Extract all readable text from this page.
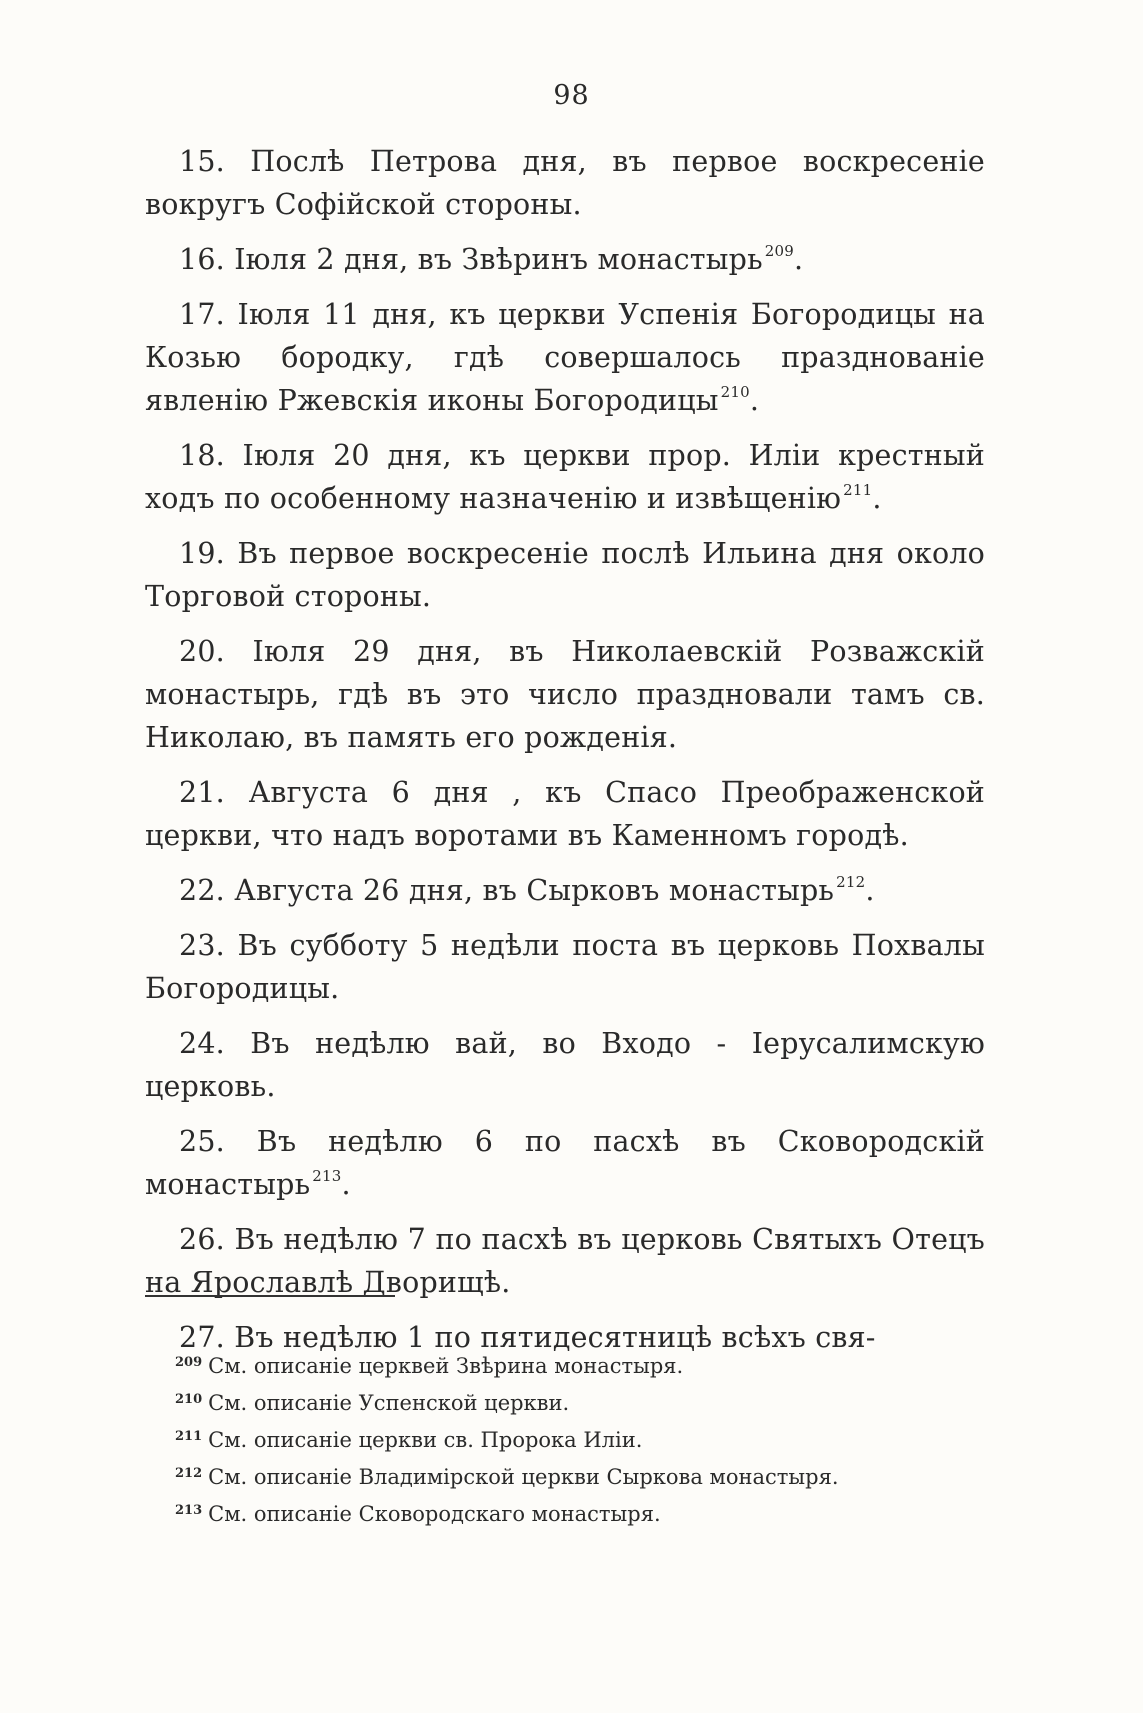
98

15. Послѣ Петрова дня, въ первое воскресеніе вокругъ Софійской стороны.

16. Іюля 2 дня, въ Звѣринъ монастырь $^{209}$.

17. Іюля 11 дня, къ церкви Успенія Богородицы на Козью бородку, гдѣ совершалось празднованіе явленію Ржевскія иконы Богородицы $^{210}$.

18. Іюля 20 дня, къ церкви прор. Иліи крестный ходъ по особенному назначенію и извѣщенію $^{211}$.

19. Въ первое воскресеніе послѣ Ильина дня около Торговой стороны.

20. Іюля 29 дня, въ Николаевскій Розважскій монастырь, гдѣ въ это число праздновали тамъ св. Николаю, въ память его рожденія.

21. Августа 6 дня , къ Спасо Преображенской церкви, что надъ воротами въ Каменномъ городѣ.

22. Августа 26 дня, въ Сырковъ монастырь $^{212}$.

23. Въ субботу 5 недѣли поста въ церковь Похвалы Богородицы.

24. Въ недѣлю вай, во Входо - Іерусалимскую церковь.

25. Въ недѣлю 6 по пасхѣ въ Сковородскій монастырь $^{213}$.

26. Въ недѣлю 7 по пасхѣ въ церковь Святыхъ Отецъ на Ярославлѣ Дворищѣ.

27. Въ недѣлю 1 по пятидесятницѣ всѣхъ свя-

$^{209}$ См. описаніе церквей Звѣрина монастыря.
$^{210}$ См. описаніе Успенской церкви.
$^{211}$ См. описаніе церкви св. Пророка Иліи.
$^{212}$ См. описаніе Владимірской церкви Сыркова монастыря.
$^{213}$ См. описаніе Сковородскаго монастыря.
